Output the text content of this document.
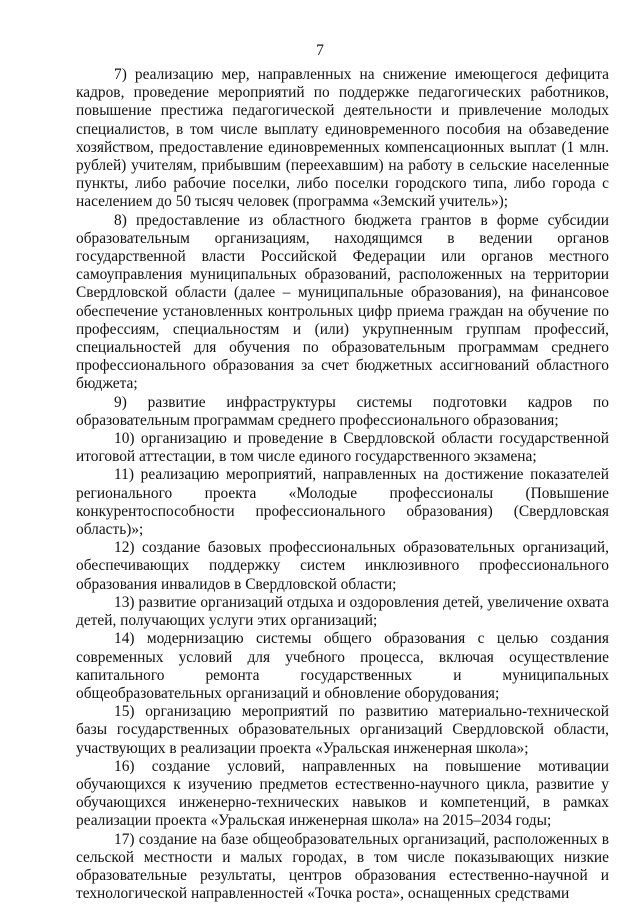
7

7) реализацию мер, направленных на снижение имеющегося дефицита кадров, проведение мероприятий по поддержке педагогических работников, повышение престижа педагогической деятельности и привлечение молодых специалистов, в том числе выплату единовременного пособия на обзаведение хозяйством, предоставление единовременных компенсационных выплат (1 млн. рублей) учителям, прибывшим (переехавшим) на работу в сельские населенные пункты, либо рабочие поселки, либо поселки городского типа, либо города с населением до 50 тысяч человек (программа «Земский учитель»);

8) предоставление из областного бюджета грантов в форме субсидии образовательным организациям, находящимся в ведении органов государственной власти Российской Федерации или органов местного самоуправления муниципальных образований, расположенных на территории Свердловской области (далее – муниципальные образования), на финансовое обеспечение установленных контрольных цифр приема граждан на обучение по профессиям, специальностям и (или) укрупненным группам профессий, специальностей для обучения по образовательным программам среднего профессионального образования за счет бюджетных ассигнований областного бюджета;

9) развитие инфраструктуры системы подготовки кадров по образовательным программам среднего профессионального образования;

10) организацию и проведение в Свердловской области государственной итоговой аттестации, в том числе единого государственного экзамена;

11) реализацию мероприятий, направленных на достижение показателей регионального проекта «Молодые профессионалы (Повышение конкурентоспособности профессионального образования) (Свердловская область)»;

12) создание базовых профессиональных образовательных организаций, обеспечивающих поддержку систем инклюзивного профессионального образования инвалидов в Свердловской области;

13) развитие организаций отдыха и оздоровления детей, увеличение охвата детей, получающих услуги этих организаций;

14) модернизацию системы общего образования с целью создания современных условий для учебного процесса, включая осуществление капитального ремонта государственных и муниципальных общеобразовательных организаций и обновление оборудования;

15) организацию мероприятий по развитию материально-технической базы государственных образовательных организаций Свердловской области, участвующих в реализации проекта «Уральская инженерная школа»;

16) создание условий, направленных на повышение мотивации обучающихся к изучению предметов естественно-научного цикла, развитие у обучающихся инженерно-технических навыков и компетенций, в рамках реализации проекта «Уральская инженерная школа» на 2015–2034 годы;

17) создание на базе общеобразовательных организаций, расположенных в сельской местности и малых городах, в том числе показывающих низкие образовательные результаты, центров образования естественно-научной и технологической направленностей «Точка роста», оснащенных средствами
